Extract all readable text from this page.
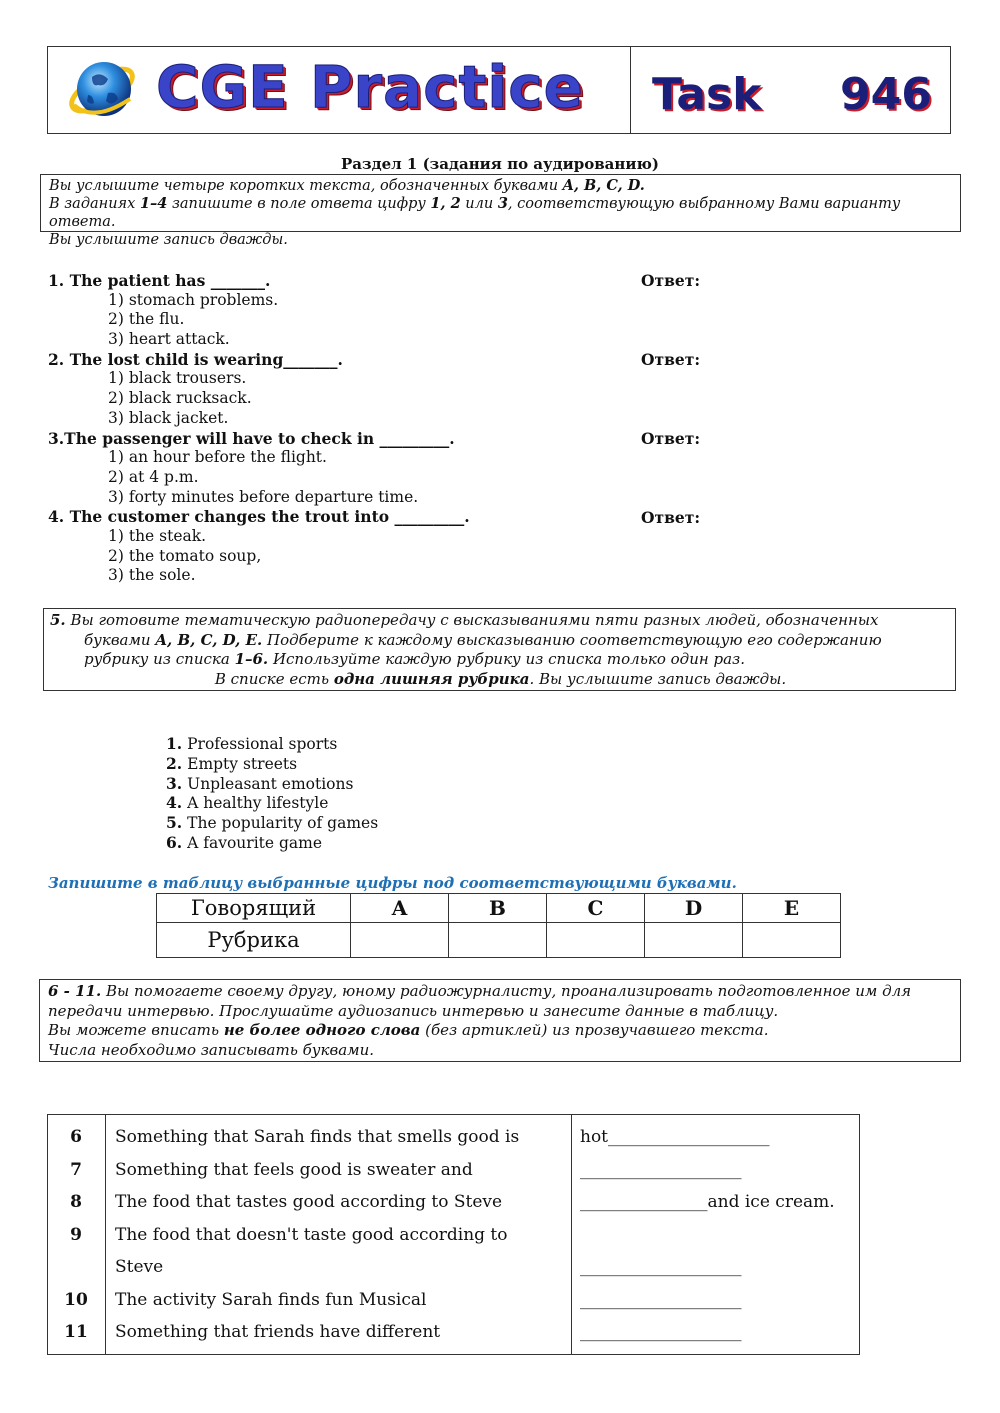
CGE Practice Task 946
Раздел 1 (задания по аудированию)

Вы услышите четыре коротких текста, обозначенных буквами A, B, C, D.

В заданиях 1–4 запишите в поле ответа цифру 1, 2 или 3, соответствующую выбранному Вами варианту ответа.

Вы услышите запись дважды.

1. The patient has _______.
1) stomach problems.
2) the flu.
3) heart attack.
2. The lost child is wearing_______.
1) black trousers.
2) black rucksack.
3) black jacket.
3.The passenger will have to check in _________.
1) an hour before the flight.
2) at 4 p.m.
3) forty minutes before departure time.
4. The customer changes the trout into _________.
1) the steak.
2) the tomato soup,
3) the sole.
Ответ:
Ответ:
Ответ:
Ответ:
5. Вы готовите тематическую радиопередачу с высказываниями пяти разных людей, обозначенных
буквами A, B, C, D, E. Подберите к каждому высказыванию соответствующую его содержанию
рубрику из списка 1–6. Используйте каждую рубрику из списка только один раз.
В списке есть одна лишняя рубрика. Вы услышите запись дважды.
1. Professional sports
2. Empty streets
3. Unpleasant emotions
4. A healthy lifestyle
5. The popularity of games
6. A favourite game
Запишите в таблицу выбранные цифры под соответствующими буквами.
Говорящий	A	B	C	D	E
Рубрика					

6 - 11. Вы помогаете своему другу, юному радиожурналисту, проанализировать подготовленное им для

передачи интервью. Прослушайте аудиозапись интервью и занесите данные в таблицу.

Вы можете вписать не более одного слова (без артиклей) из прозвучавшего текста.

Числа необходимо записывать буквами.

6	Something that Sarah finds that smells good is	hot___________________
7	Something that feels good is sweater and	___________________
8	The food that tastes good according to Steve	_______________and ice cream.
9	The food that doesn't taste good according to
Steve	___________________
10	The activity Sarah finds fun Musical	___________________
11	Something that friends have different	___________________
